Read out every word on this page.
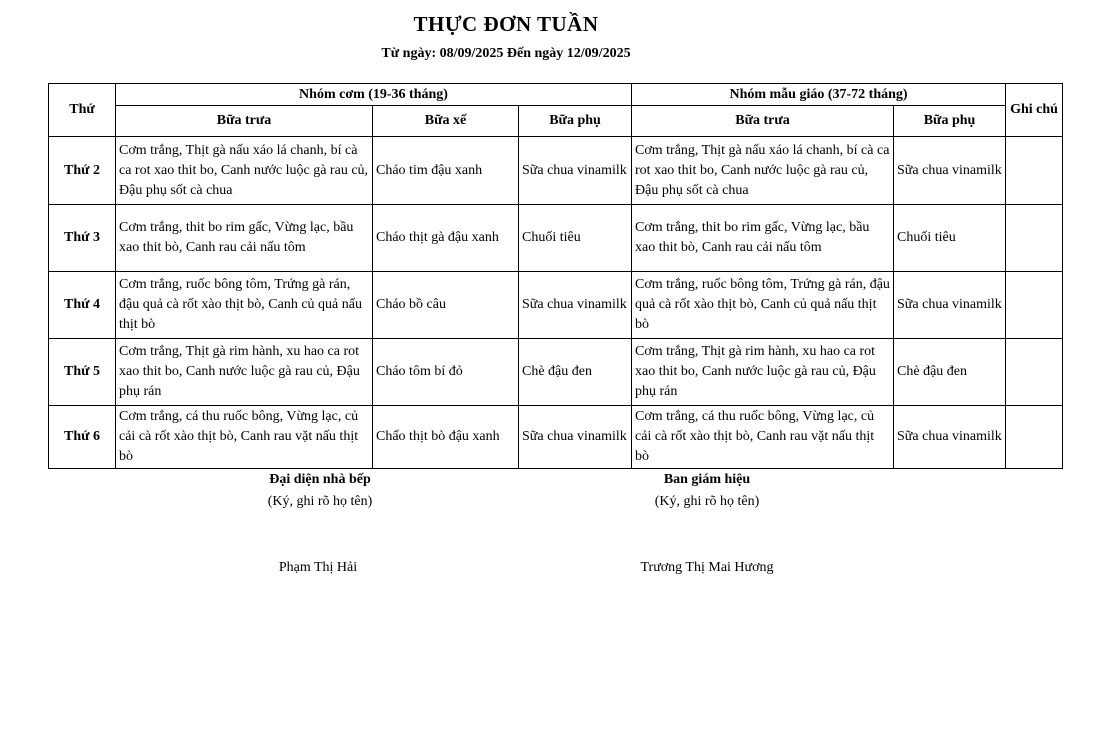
THỰC ĐƠN TUẦN
Từ ngày: 08/09/2025 Đến ngày 12/09/2025
Thứ	Nhóm cơm (19-36 tháng)			Nhóm mẫu giáo (37-72 tháng)		Ghi chú
	Bữa trưa	Bữa xế	Bữa phụ	Bữa trưa	Bữa phụ	
Thứ 2	Cơm trắng, Thịt gà nấu xáo lá chanh, bí cà ca rot xao thit bo, Canh nước luộc gà rau củ, Đậu phụ sốt cà chua	Cháo tim đậu xanh	Sữa chua vinamilk	Cơm trắng, Thịt gà nấu xáo lá chanh, bí cà ca rot xao thit bo, Canh nước luộc gà rau củ, Đậu phụ sốt cà chua	Sữa chua vinamilk	
Thứ 3	Cơm trắng, thit bo rim gấc, Vừng lạc, bầu xao thit bò, Canh rau cải nấu tôm	Cháo thịt gà đậu xanh	Chuối tiêu	Cơm trắng, thit bo rim gấc, Vừng lạc, bầu xao thit bò, Canh rau cải nấu tôm	Chuối tiêu	
Thứ 4	Cơm trắng, ruốc bông tôm, Trứng gà rán, đậu quả cà rốt xào thịt bò, Canh củ quả nấu thịt bò	Cháo bồ câu	Sữa chua vinamilk	Cơm trắng, ruốc bông tôm, Trứng gà rán, đậu quả cà rốt xào thịt bò, Canh củ quả nấu thịt bò	Sữa chua vinamilk	
Thứ 5	Cơm trắng, Thịt gà rim hành, xu hao ca rot xao thit bo, Canh nước luộc gà rau củ, Đậu phụ rán	Cháo tôm bí đỏ	Chè đậu đen	Cơm trắng, Thịt gà rim hành, xu hao ca rot xao thit bo, Canh nước luộc gà rau củ, Đậu phụ rán	Chè đậu đen	
Thứ 6	Cơm trắng, cá thu ruốc bông, Vừng lạc, củ cải cà rốt xào thịt bò, Canh rau vặt nấu thịt bò	Chấo thịt bò đậu xanh	Sữa chua vinamilk	Cơm trắng, cá thu ruốc bông, Vừng lạc, củ cải cà rốt xào thịt bò, Canh rau vặt nấu thịt bò	Sữa chua vinamilk	
Đại diện nhà bếp
(Ký, ghi rõ họ tên)
Phạm Thị Hải
Ban giám hiệu
(Ký, ghi rõ họ tên)
Trương Thị Mai Hương
